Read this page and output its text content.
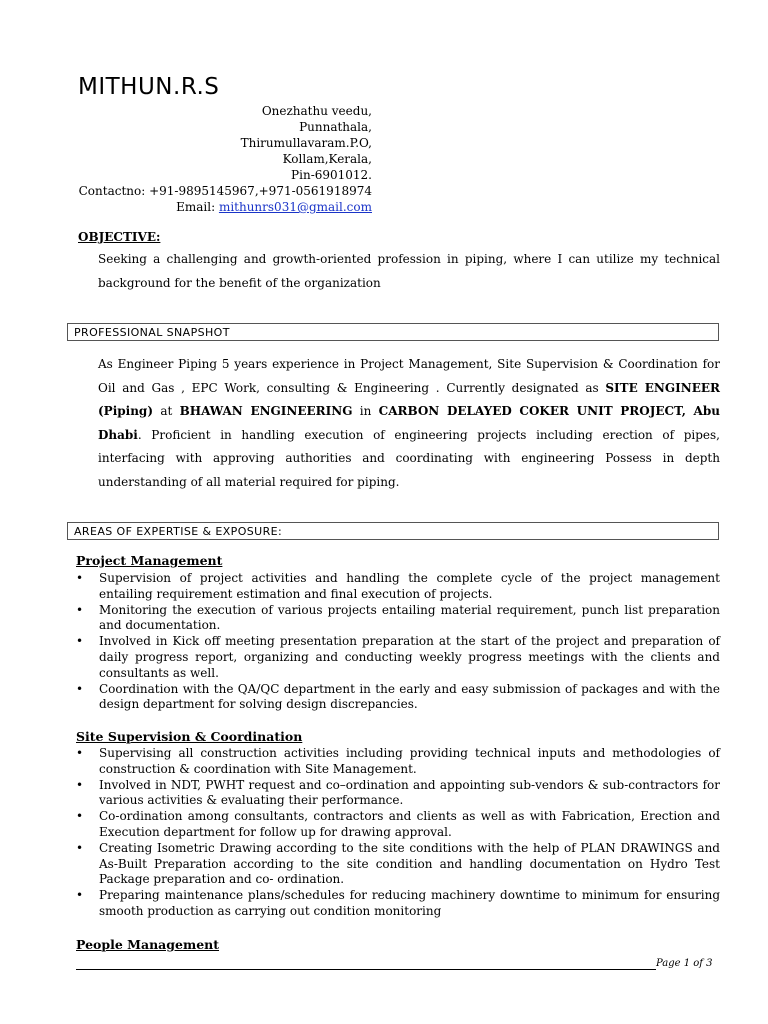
MITHUN.R.S
Onezhathu veedu,
Punnathala,
Thirumullavaram.P.O,
Kollam,Kerala,
Pin-6901012.
Contactno: +91-9895145967,+971-0561918974
Email: mithunrs031@gmail.com
OBJECTIVE:
Seeking a challenging and growth-oriented profession in piping, where I can utilize my technical background for the benefit of the organization
PROFESSIONAL SNAPSHOT
As Engineer Piping 5 years experience in Project Management, Site Supervision & Coordination for Oil and Gas , EPC Work, consulting & Engineering . Currently designated as SITE ENGINEER (Piping) at BHAWAN ENGINEERING in CARBON DELAYED COKER UNIT PROJECT, Abu Dhabi. Proficient in handling execution of engineering projects including erection of pipes, interfacing with approving authorities and coordinating with engineering Possess in depth understanding of all material required for piping.
AREAS OF EXPERTISE & EXPOSURE:
Project Management
• Supervision of project activities and handling the complete cycle of the project management entailing requirement estimation and final execution of projects.
• Monitoring the execution of various projects entailing material requirement, punch list preparation and documentation.
• Involved in Kick off meeting presentation preparation at the start of the project and preparation of daily progress report, organizing and conducting weekly progress meetings with the clients and consultants as well.
• Coordination with the QA/QC department in the early and easy submission of packages and with the design department for solving design discrepancies.
Site Supervision & Coordination
• Supervising all construction activities including providing technical inputs and methodologies of construction & coordination with Site Management.
• Involved in NDT, PWHT request and co–ordination and appointing sub-vendors & sub-contractors for various activities & evaluating their performance.
• Co-ordination among consultants, contractors and clients as well as with Fabrication, Erection and Execution department for follow up for drawing approval.
• Creating Isometric Drawing according to the site conditions with the help of PLAN DRAWINGS and As-Built Preparation according to the site condition and handling documentation on Hydro Test Package preparation and co- ordination.
• Preparing maintenance plans/schedules for reducing machinery downtime to minimum for ensuring smooth production as carrying out condition monitoring
People Management
Page 1 of 3
